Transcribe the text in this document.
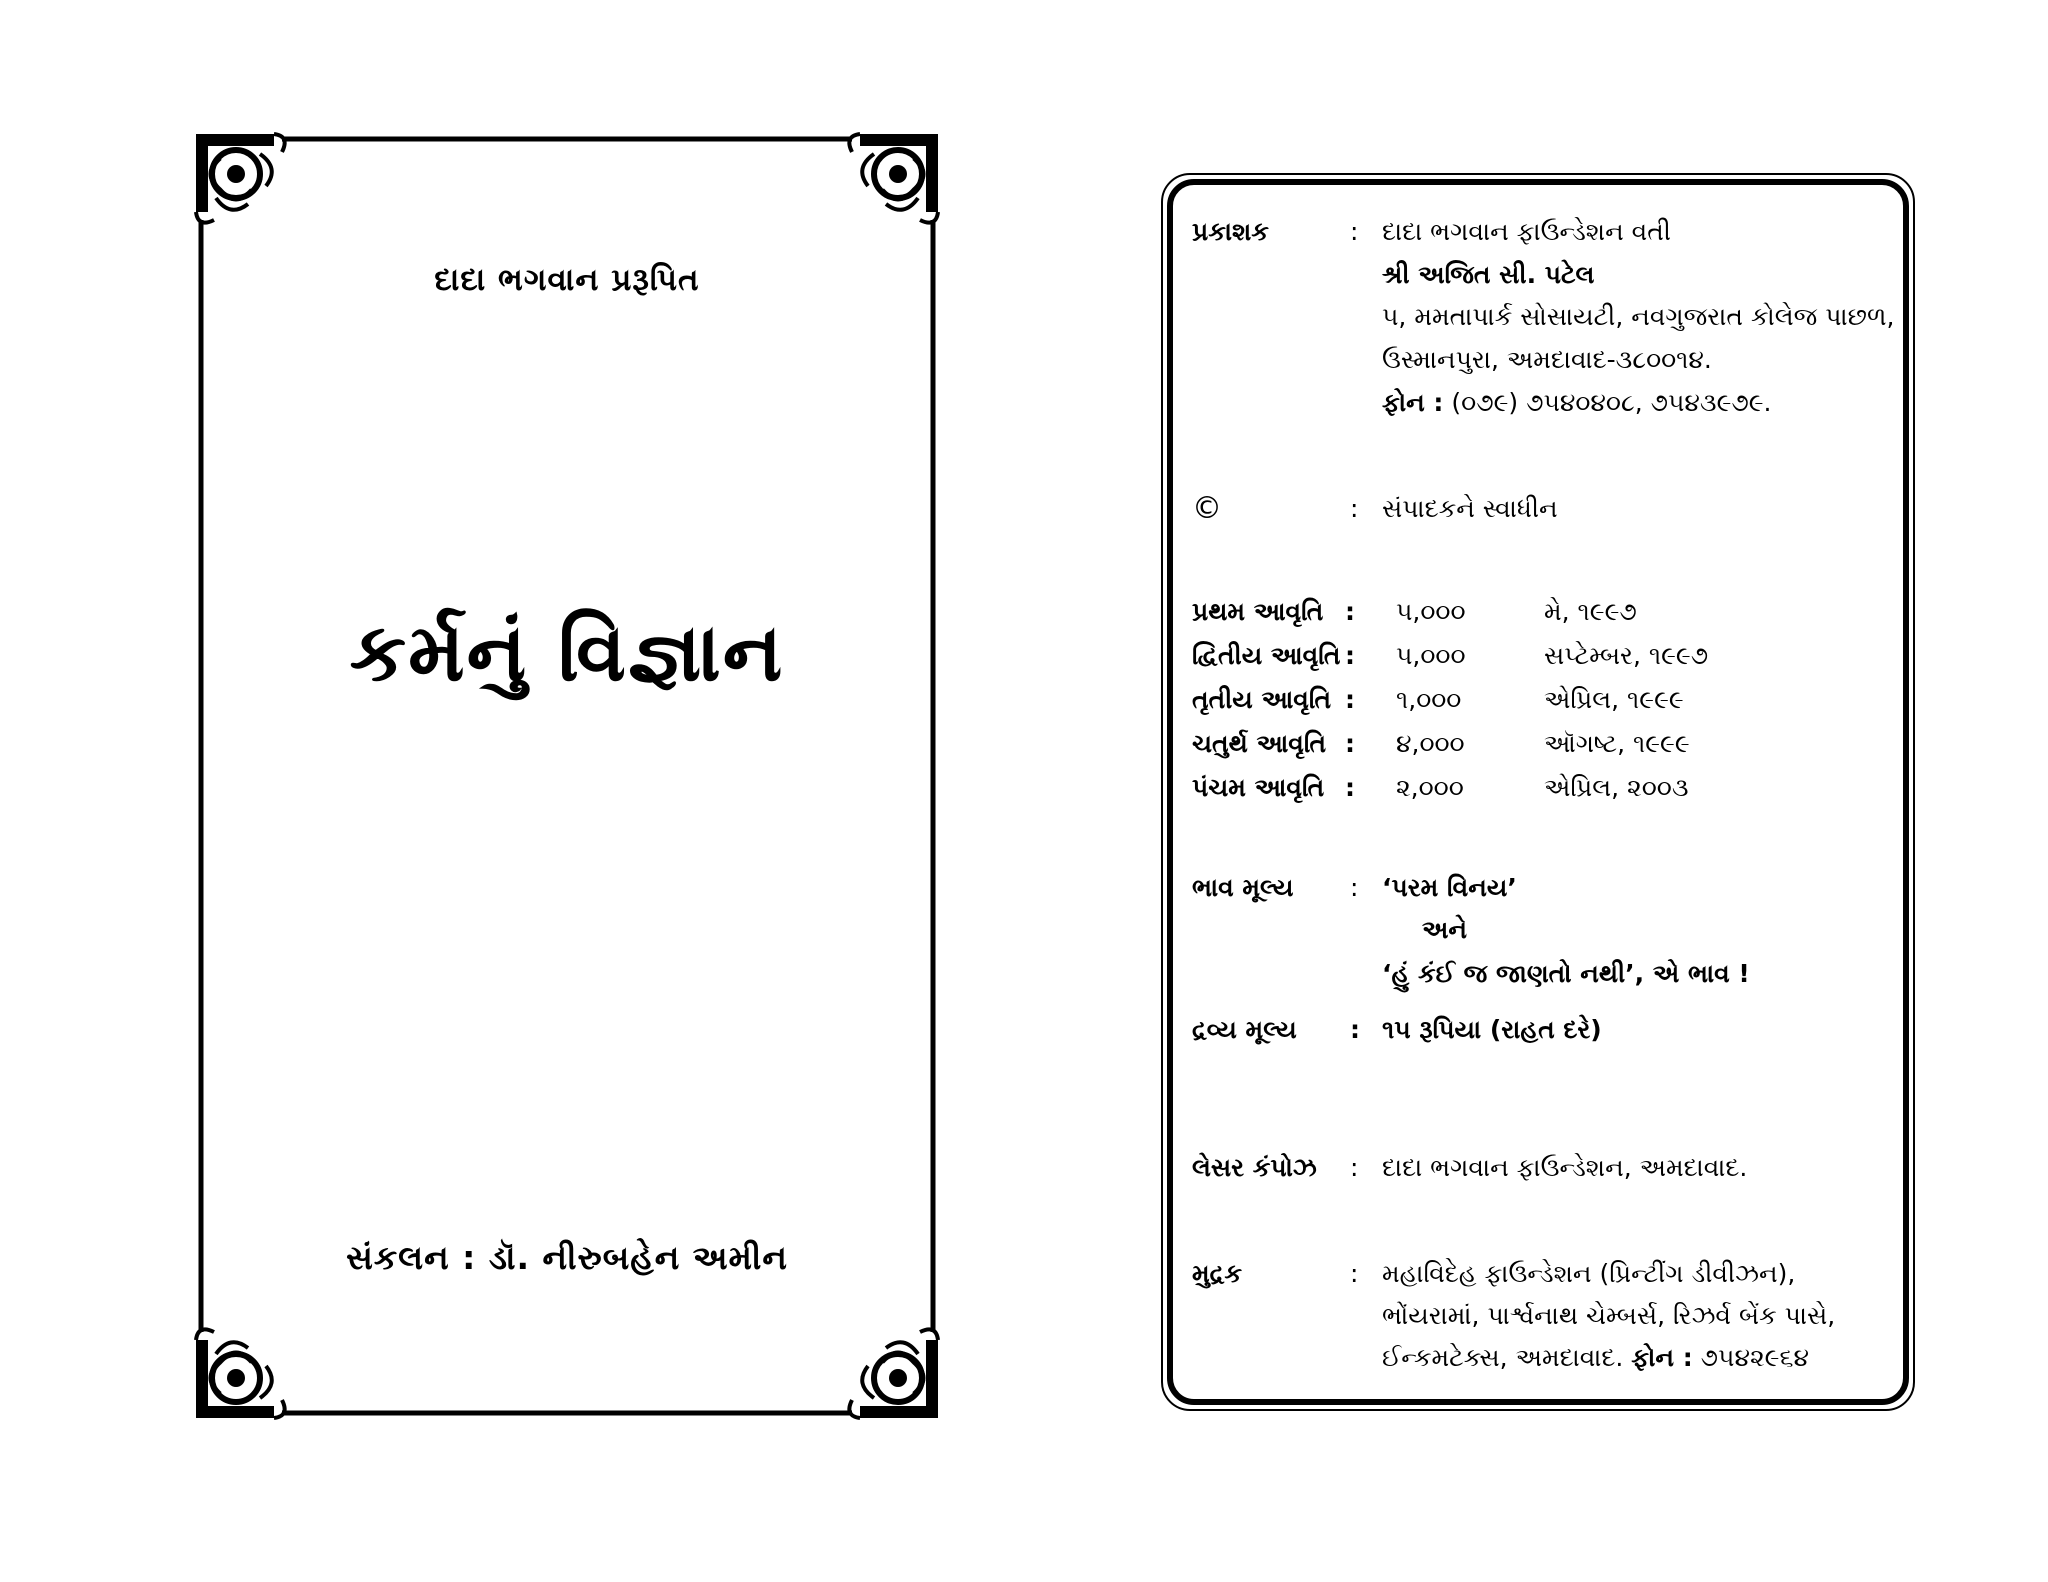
દાદા ભગવાન પ્રરૂપિત
કર્મનું વિજ્ઞાન
સંકલન : ડૉ. નીરુબહેન અમીન
પ્રકાશક	: દાદા ભગવાન ફાઉન્ડેશન વતી
શ્રી અજિત સી. પટેલ
૫, મમતાપાર્ક સોસાયટી, નવગુજરાત કોલેજ પાછળ,
ઉસ્માનપુરા, અમદાવાદ-૩૮૦૦૧૪.
ફોન : (૦૭૯) ૭૫૪૦૪૦૮, ૭૫૪૩૯૭૯.
©	: સંપાદકને સ્વાધીન
પ્રથમ આવૃતિ : ૫,૦૦૦	મે, ૧૯૯૭
દ્વિતીય આવૃતિ : ૫,૦૦૦	સપ્ટેમ્બર, ૧૯૯૭
તૃતીય આવૃતિ : ૧,૦૦૦	એપ્રિલ, ૧૯૯૯
ચતુર્થ આવૃતિ : ૪,૦૦૦	ઑગષ્ટ, ૧૯૯૯
પંચમ આવૃતિ : ૨,૦૦૦	એપ્રિલ, ૨૦૦૩
ભાવ મૂલ્ય : ‘પરમ વિનય’
અને
‘હું કંઈ જ જાણતો નથી’, એ ભાવ !
દ્રવ્ય મૂલ્ય : ૧૫ રૂપિયા (રાહત દરે)
લેસર કંપોઝ : દાદા ભગવાન ફાઉન્ડેશન, અમદાવાદ.
મુદ્રક	: મહાવિદેહ ફાઉન્ડેશન (પ્રિન્ટીંગ ડીવીઝન),
ભોંયરામાં, પાર્શ્વનાથ ચેમ્બર્સ, રિઝર્વ બેંક પાસે,
ઈન્કમટેક્સ, અમદાવાદ. ફોન : ૭૫૪૨૯૬૪
